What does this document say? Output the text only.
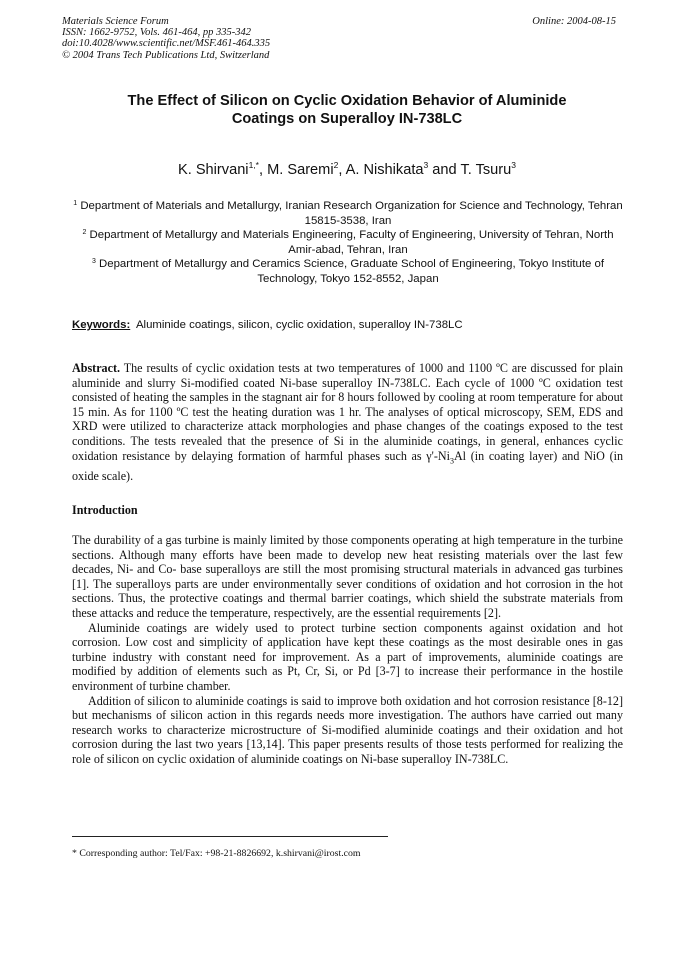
Materials Science Forum
ISSN: 1662-9752, Vols. 461-464, pp 335-342
doi:10.4028/www.scientific.net/MSF.461-464.335
© 2004 Trans Tech Publications Ltd, Switzerland
Online: 2004-08-15
The Effect of Silicon on Cyclic Oxidation Behavior of Aluminide
Coatings on Superalloy IN-738LC
K. Shirvani$^{1,*}$, M. Saremi$^2$, A. Nishikata$^3$ and T. Tsuru$^3$

$^1$ Department of Materials and Metallurgy, Iranian Research Organization for Science and Technology, Tehran 15815-3538, Iran

$^2$ Department of Metallurgy and Materials Engineering, Faculty of Engineering, University of Tehran, North Amir-abad, Tehran, Iran

$^3$ Department of Metallurgy and Ceramics Science, Graduate School of Engineering, Tokyo Institute of Technology, Tokyo 152-8552, Japan

Keywords: Aluminide coatings, silicon, cyclic oxidation, superalloy IN-738LC
Abstract. The results of cyclic oxidation tests at two temperatures of 1000 and 1100 ºC are discussed for plain aluminide and slurry Si-modified coated Ni-base superalloy IN-738LC. Each cycle of 1000 ºC oxidation test consisted of heating the samples in the stagnant air for 8 hours followed by cooling at room temperature for about 15 min. As for 1100 ºC test the heating duration was 1 hr. The analyses of optical microscopy, SEM, EDS and XRD were utilized to characterize attack morphologies and phase changes of the coatings exposed to the test conditions. The tests revealed that the presence of Si in the aluminide coatings, in general, enhances cyclic oxidation resistance by delaying formation of harmful phases such as $\gamma'-Ni_3Al$ (in coating layer) and NiO (in oxide scale).
Introduction

The durability of a gas turbine is mainly limited by those components operating at high temperature in the turbine sections. Although many efforts have been made to develop new heat resisting materials over the last few decades, Ni- and Co- base superalloys are still the most promising structural materials in advanced gas turbines [1]. The superalloys parts are under environmentally sever conditions of oxidation and hot corrosion in the hot sections. Thus, the protective coatings and thermal barrier coatings, which shield the substrate materials from these attacks and reduce the temperature, respectively, are the essential requirements [2].

Aluminide coatings are widely used to protect turbine section components against oxidation and hot corrosion. Low cost and simplicity of application have kept these coatings as the most desirable ones in gas turbine industry with constant need for improvement. As a part of improvements, aluminide coatings are modified by addition of elements such as Pt, Cr, Si, or Pd [3-7] to increase their performance in the hostile environment of turbine chamber.

Addition of silicon to aluminide coatings is said to improve both oxidation and hot corrosion resistance [8-12] but mechanisms of silicon action in this regards needs more investigation. The authors have carried out many research works to characterize microstructure of Si-modified aluminide coatings and their oxidation and hot corrosion during the last two years [13,14]. This paper presents results of those tests performed for realizing the role of silicon on cyclic oxidation of aluminide coatings on Ni-base superalloy IN-738LC.

* Corresponding author: Tel/Fax: +98-21-8826692, k.shirvani@irost.com
